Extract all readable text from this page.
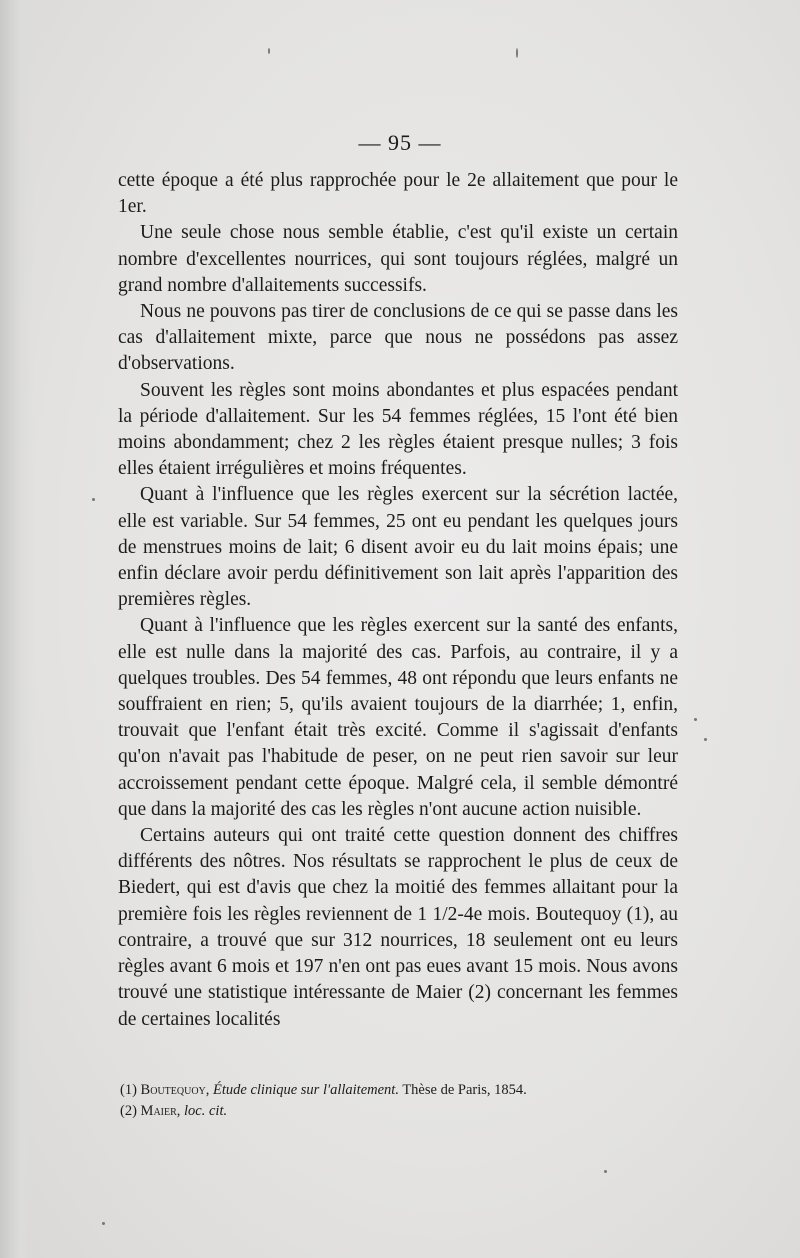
— 95 —

cette époque a été plus rapprochée pour le 2e allaitement que pour le 1er.

Une seule chose nous semble établie, c'est qu'il existe un certain nombre d'excellentes nourrices, qui sont toujours réglées, malgré un grand nombre d'allaitements successifs.

Nous ne pouvons pas tirer de conclusions de ce qui se passe dans les cas d'allaitement mixte, parce que nous ne possédons pas assez d'observations.

Souvent les règles sont moins abondantes et plus espacées pendant la période d'allaitement. Sur les 54 femmes réglées, 15 l'ont été bien moins abondamment; chez 2 les règles étaient presque nulles; 3 fois elles étaient irrégulières et moins fréquentes.

Quant à l'influence que les règles exercent sur la sécrétion lactée, elle est variable. Sur 54 femmes, 25 ont eu pendant les quelques jours de menstrues moins de lait; 6 disent avoir eu du lait moins épais; une enfin déclare avoir perdu définitivement son lait après l'apparition des premières règles.

Quant à l'influence que les règles exercent sur la santé des enfants, elle est nulle dans la majorité des cas. Parfois, au contraire, il y a quelques troubles. Des 54 femmes, 48 ont répondu que leurs enfants ne souffraient en rien; 5, qu'ils avaient toujours de la diarrhée; 1, enfin, trouvait que l'enfant était très excité. Comme il s'agissait d'enfants qu'on n'avait pas l'habitude de peser, on ne peut rien savoir sur leur accroissement pendant cette époque. Malgré cela, il semble démontré que dans la majorité des cas les règles n'ont aucune action nuisible.

Certains auteurs qui ont traité cette question donnent des chiffres différents des nôtres. Nos résultats se rapprochent le plus de ceux de Biedert, qui est d'avis que chez la moitié des femmes allaitant pour la première fois les règles reviennent de 1 1/2-4e mois. Boutequoy (1), au contraire, a trouvé que sur 312 nourrices, 18 seulement ont eu leurs règles avant 6 mois et 197 n'en ont pas eues avant 15 mois. Nous avons trouvé une statistique intéressante de Maier (2) concernant les femmes de certaines localités

(1) Boutequoy, Étude clinique sur l'allaitement. Thèse de Paris, 1854.
(2) Maier, loc. cit.
